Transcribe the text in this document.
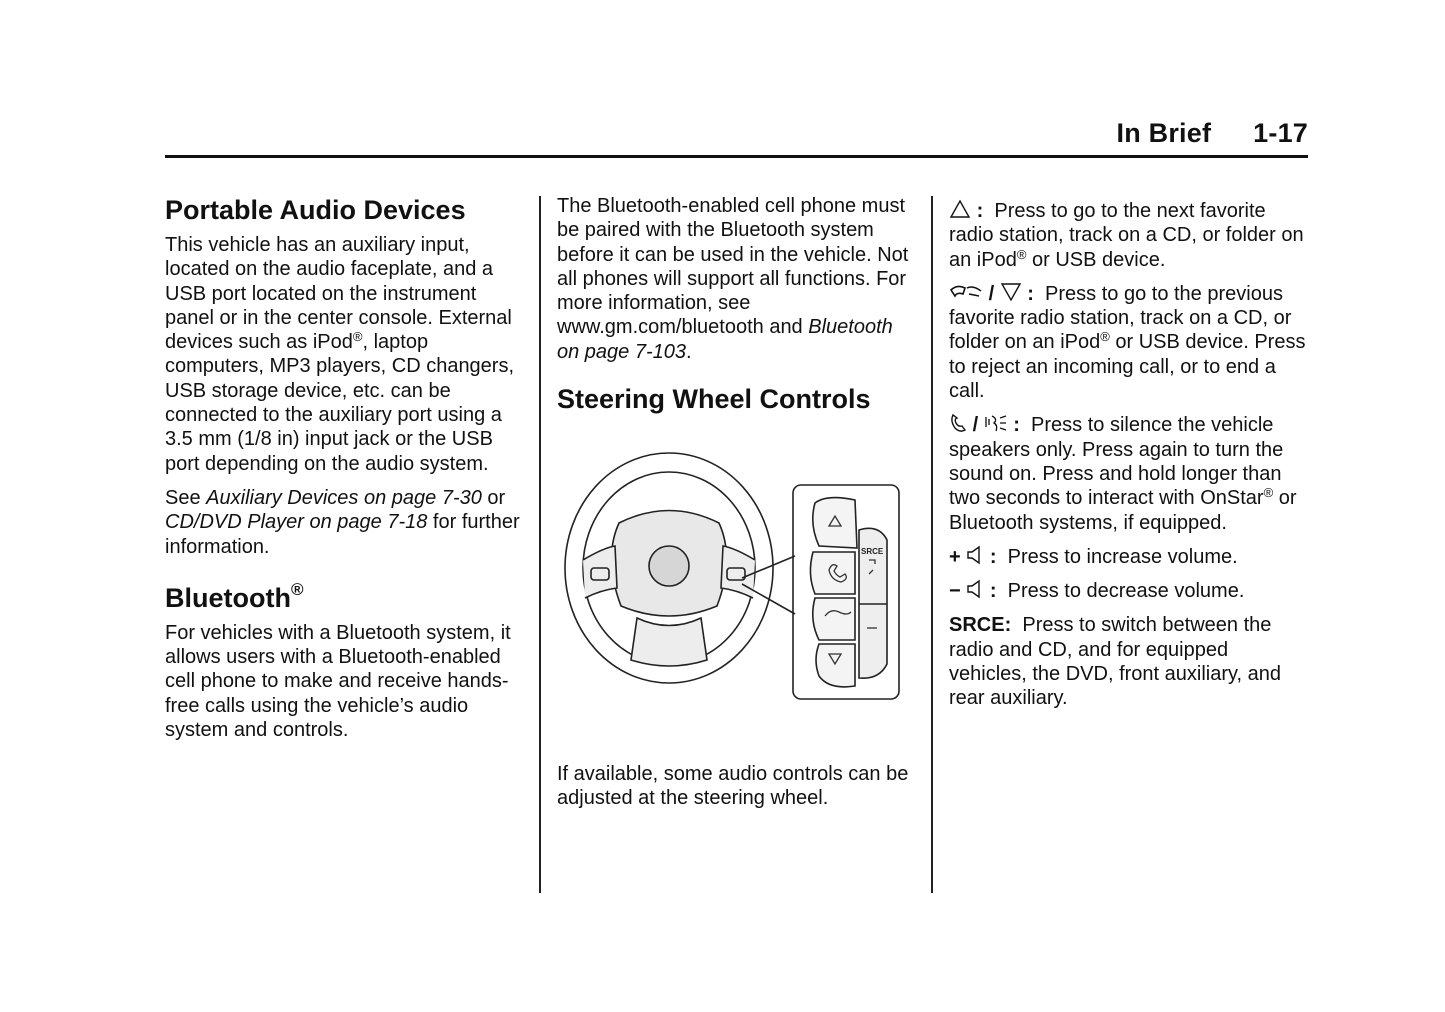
In Brief 1-17
Portable Audio Devices

This vehicle has an auxiliary input, located on the audio faceplate, and a USB port located on the instrument panel or in the center console. External devices such as iPod®, laptop computers, MP3 players, CD changers, USB storage device, etc. can be connected to the auxiliary port using a 3.5 mm (1/8 in) input jack or the USB port depending on the audio system.

See Auxiliary Devices on page 7-30 or CD/DVD Player on page 7-18 for further information.

Bluetooth®

For vehicles with a Bluetooth system, it allows users with a Bluetooth-enabled cell phone to make and receive hands-free calls using the vehicle’s audio system and controls.

The Bluetooth-enabled cell phone must be paired with the Bluetooth system before it can be used in the vehicle. Not all phones will support all functions. For more information, see www.gm.com/bluetooth and Bluetooth on page 7-103.

Steering Wheel Controls
SRCE

If available, some audio controls can be adjusted at the steering wheel.

: Press to go to the next favorite radio station, track on a CD, or folder on an iPod® or USB device.

/ : Press to go to the previous favorite radio station, track on a CD, or folder on an iPod® or USB device. Press to reject an incoming call, or to end a call.

/ : Press to silence the vehicle speakers only. Press again to turn the sound on. Press and hold longer than two seconds to interact with OnStar® or Bluetooth systems, if equipped.

+ : Press to increase volume.

− : Press to decrease volume.

SRCE: Press to switch between the radio and CD, and for equipped vehicles, the DVD, front auxiliary, and rear auxiliary.
